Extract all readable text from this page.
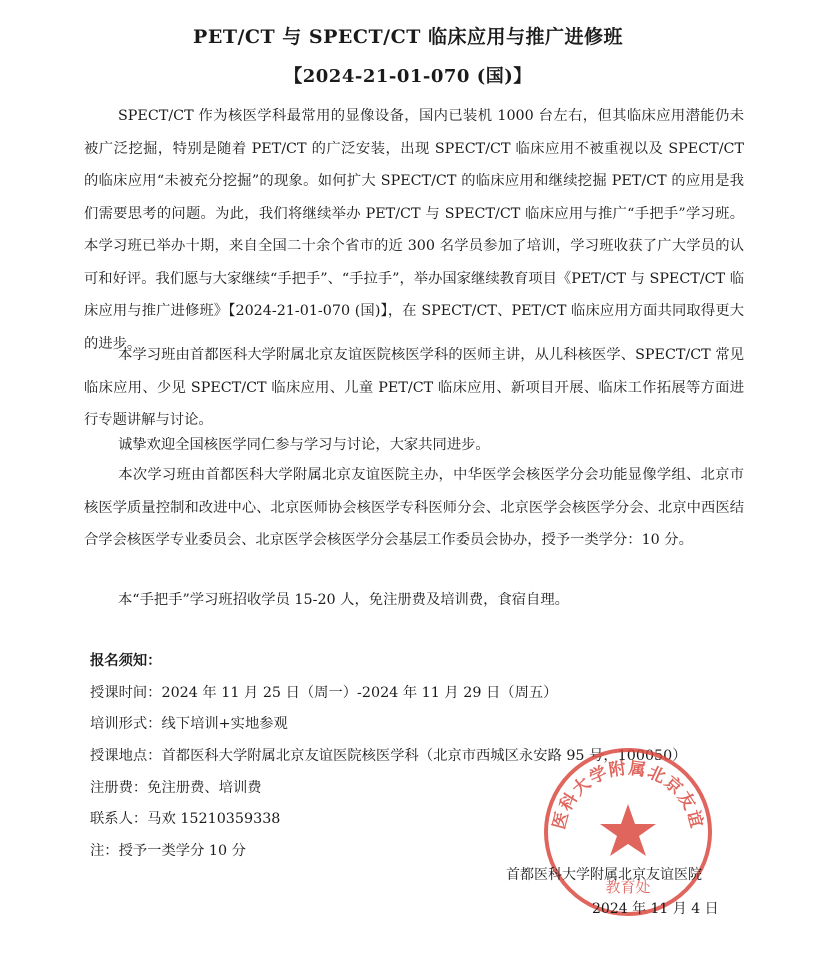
PET/CT 与 SPECT/CT 临床应用与推广进修班
【2024-21-01-070 (国)】

SPECT/CT 作为核医学科最常用的显像设备，国内已装机 1000 台左右，但其临床应用潜能仍未被广泛挖掘，特别是随着 PET/CT 的广泛安装，出现 SPECT/CT 临床应用不被重视以及 SPECT/CT 的临床应用“未被充分挖掘”的现象。如何扩大 SPECT/CT 的临床应用和继续挖掘 PET/CT 的应用是我们需要思考的问题。为此，我们将继续举办 PET/CT 与 SPECT/CT 临床应用与推广“手把手”学习班。本学习班已举办十期，来自全国二十余个省市的近 300 名学员参加了培训，学习班收获了广大学员的认可和好评。我们愿与大家继续“手把手”、“手拉手”，举办国家继续教育项目《PET/CT 与 SPECT/CT 临床应用与推广进修班》【2024-21-01-070 (国)】，在 SPECT/CT、PET/CT 临床应用方面共同取得更大的进步。

本学习班由首都医科大学附属北京友谊医院核医学科的医师主讲，从儿科核医学、SPECT/CT 常见临床应用、少见 SPECT/CT 临床应用、儿童 PET/CT 临床应用、新项目开展、临床工作拓展等方面进行专题讲解与讨论。

诚挚欢迎全国核医学同仁参与学习与讨论，大家共同进步。

本次学习班由首都医科大学附属北京友谊医院主办，中华医学会核医学分会功能显像学组、北京市核医学质量控制和改进中心、北京医师协会核医学专科医师分会、北京医学会核医学分会、北京中西医结合学会核医学专业委员会、北京医学会核医学分会基层工作委员会协办，授予一类学分：10 分。

本“手把手”学习班招收学员 15-20 人，免注册费及培训费，食宿自理。

报名须知：
授课时间：2024 年 11 月 25 日（周一）-2024 年 11 月 29 日（周五）
培训形式：线下培训+实地参观
授课地点：首都医科大学附属北京友谊医院核医学科（北京市西城区永安路 95 号，100050）
注册费：免注册费、培训费
联系人：马欢 15210359338
注：授予一类学分 10 分
医科大学附属北京友谊
教育处
首都医科大学附属北京友谊医院
2024 年 11 月 4 日
